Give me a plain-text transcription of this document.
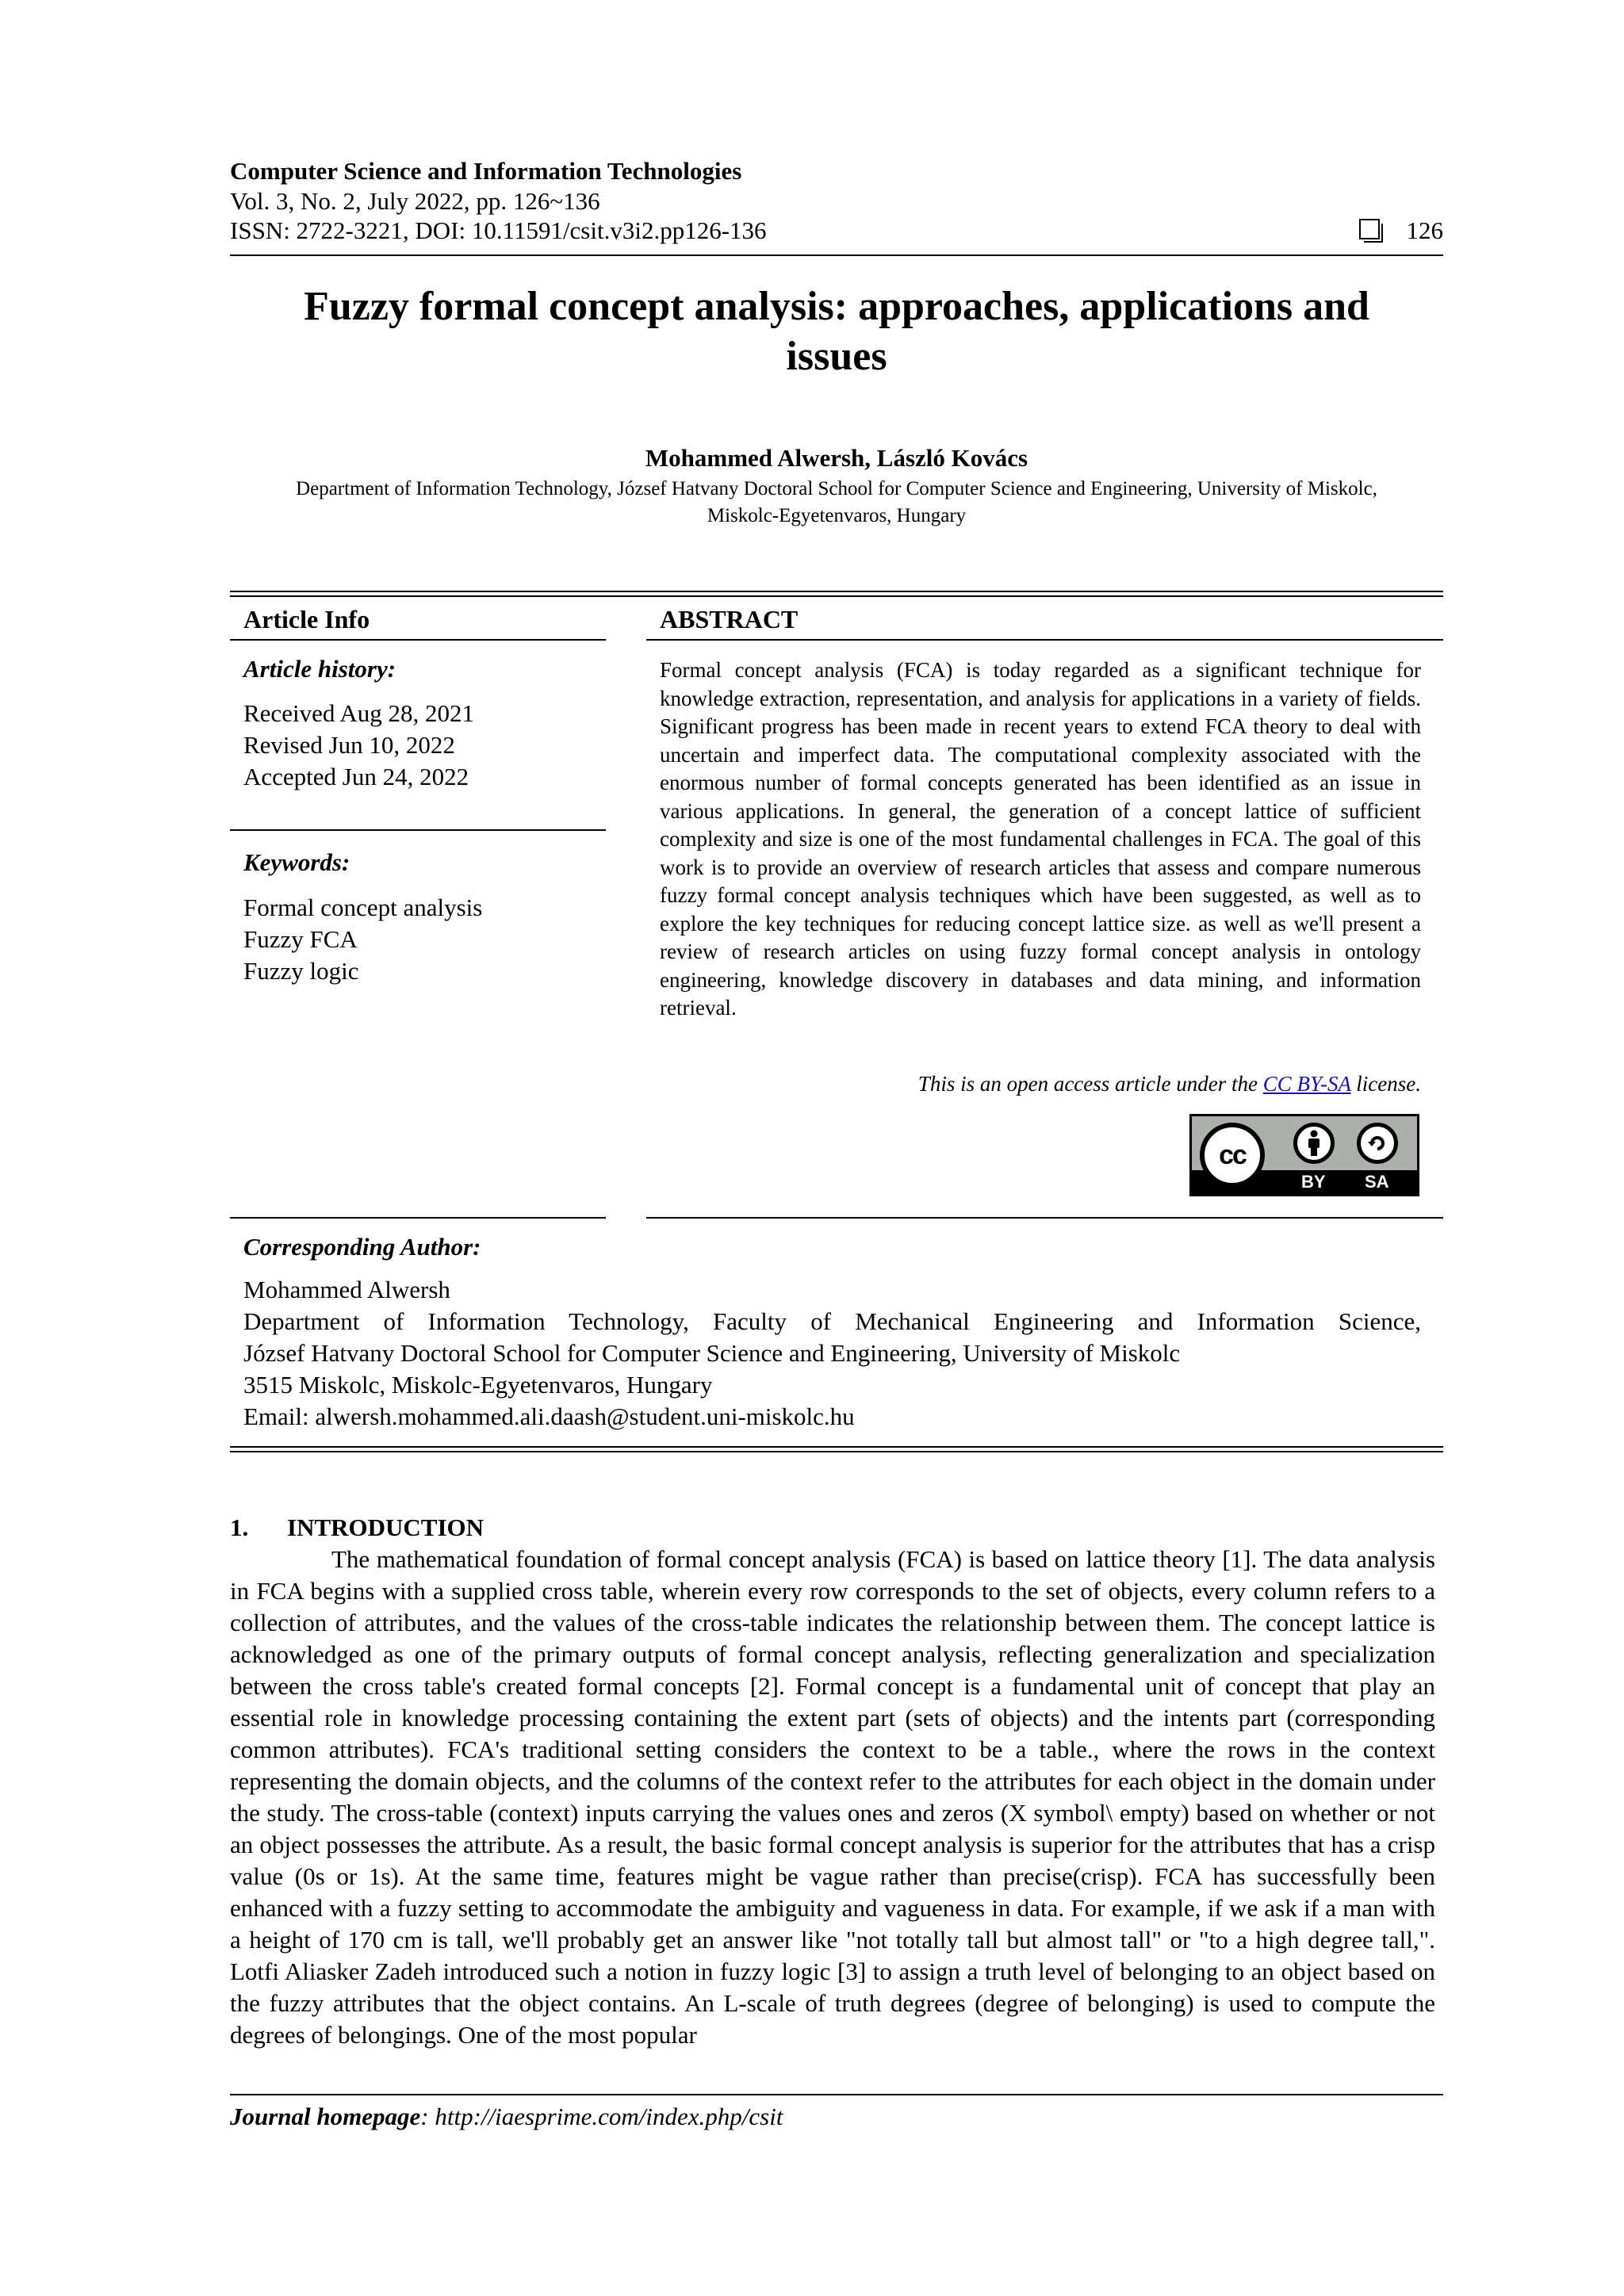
Computer Science and Information Technologies
Vol. 3, No. 2, July 2022, pp. 126~136
ISSN: 2722-3221, DOI: 10.11591/csit.v3i2.pp126-136	126
Fuzzy formal concept analysis: approaches, applications and
issues
Mohammed Alwersh, László Kovács
Department of Information Technology, József Hatvany Doctoral School for Computer Science and Engineering, University of Miskolc,
Miskolc-Egyetenvaros, Hungary
Article Info
Article history:
Received Aug 28, 2021
Revised Jun 10, 2022
Accepted Jun 24, 2022
Keywords:
Formal concept analysis
Fuzzy FCA
Fuzzy logic
ABSTRACT
Formal concept analysis (FCA) is today regarded as a significant technique for knowledge extraction, representation, and analysis for applications in a variety of fields. Significant progress has been made in recent years to extend FCA theory to deal with uncertain and imperfect data. The computational complexity associated with the enormous number of formal concepts generated has been identified as an issue in various applications. In general, the generation of a concept lattice of sufficient complexity and size is one of the most fundamental challenges in FCA. The goal of this work is to provide an overview of research articles that assess and compare numerous fuzzy formal concept analysis techniques which have been suggested, as well as to explore the key techniques for reducing concept lattice size. as well as we'll present a review of research articles on using fuzzy formal concept analysis in ontology engineering, knowledge discovery in databases and data mining, and information retrieval.
This is an open access article under the CC BY-SA license.
cc
BY SA
Corresponding Author:
Mohammed Alwersh
Department of Information Technology, Faculty of Mechanical Engineering and Information Science,
József Hatvany Doctoral School for Computer Science and Engineering, University of Miskolc
3515 Miskolc, Miskolc-Egyetenvaros, Hungary
Email: alwersh.mohammed.ali.daash@student.uni-miskolc.hu
1.	INTRODUCTION

The mathematical foundation of formal concept analysis (FCA) is based on lattice theory [1]. The data analysis in FCA begins with a supplied cross table, wherein every row corresponds to the set of objects, every column refers to a collection of attributes, and the values of the cross-table indicates the relationship between them. The concept lattice is acknowledged as one of the primary outputs of formal concept analysis, reflecting generalization and specialization between the cross table's created formal concepts [2]. Formal concept is a fundamental unit of concept that play an essential role in knowledge processing containing the extent part (sets of objects) and the intents part (corresponding common attributes). FCA's traditional setting considers the context to be a table., where the rows in the context representing the domain objects, and the columns of the context refer to the attributes for each object in the domain under the study. The cross-table (context) inputs carrying the values ones and zeros (X symbol\ empty) based on whether or not an object possesses the attribute. As a result, the basic formal concept analysis is superior for the attributes that has a crisp value (0s or 1s). At the same time, features might be vague rather than precise(crisp). FCA has successfully been enhanced with a fuzzy setting to accommodate the ambiguity and vagueness in data. For example, if we ask if a man with a height of 170 cm is tall, we'll probably get an answer like "not totally tall but almost tall" or "to a high degree tall,". Lotfi Aliasker Zadeh introduced such a notion in fuzzy logic [3] to assign a truth level of belonging to an object based on the fuzzy attributes that the object contains. An L-scale of truth degrees (degree of belonging) is used to compute the degrees of belongings. One of the most popular

Journal homepage: http://iaesprime.com/index.php/csit
